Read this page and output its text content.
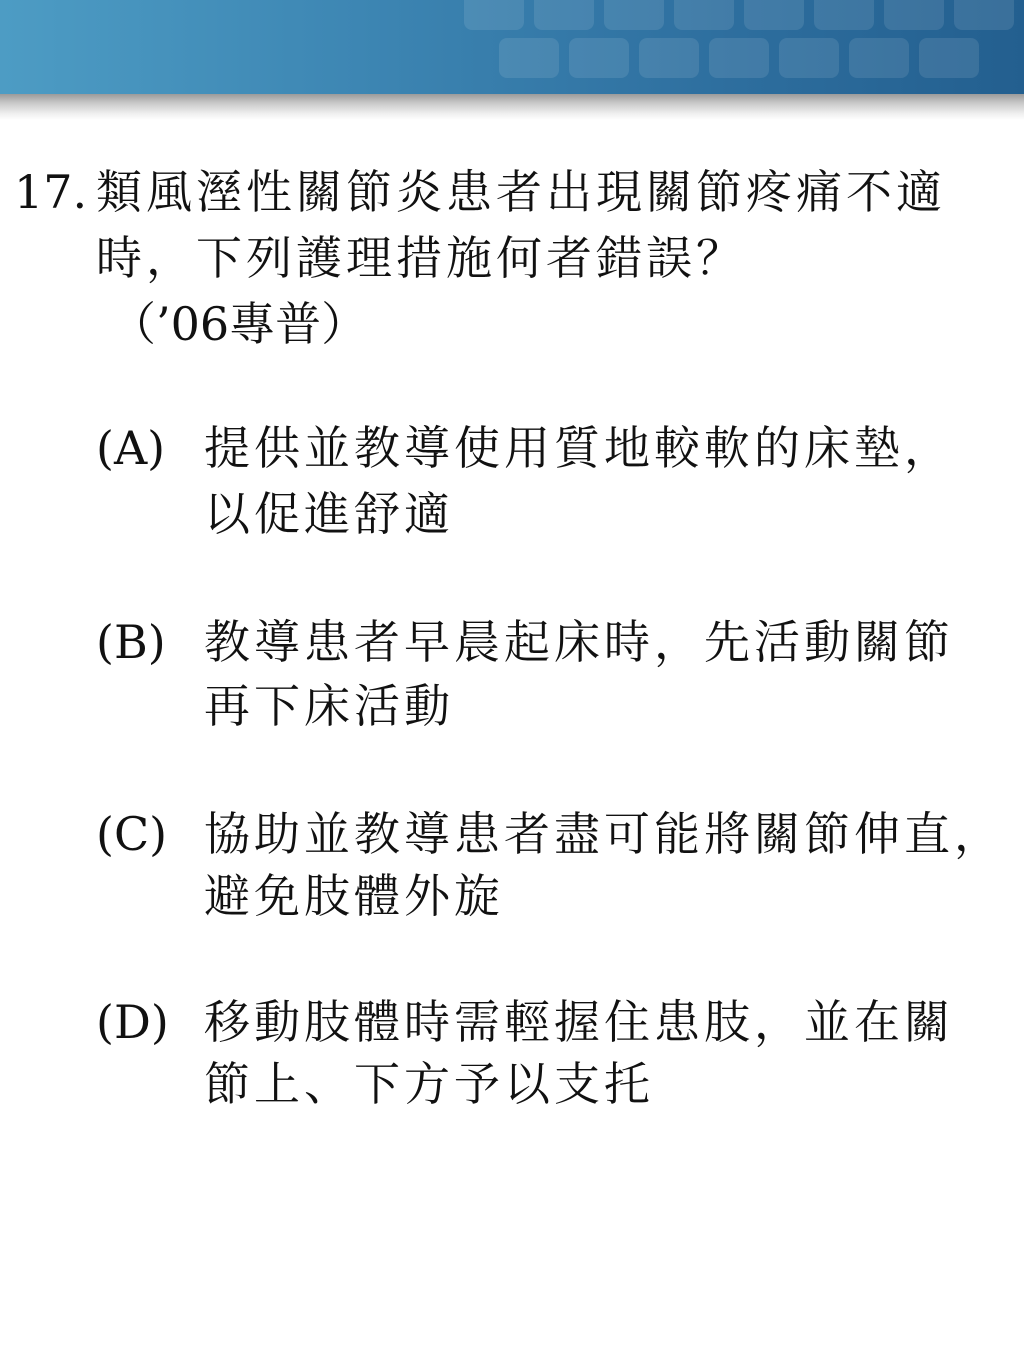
17. 類風溼性關節炎患者出現關節疼痛不適

時，下列護理措施何者錯誤？

（’06專普）

(A) 提供並教導使用質地較軟的床墊，

以促進舒適

(B) 教導患者早晨起床時，先活動關節

再下床活動

(C) 協助並教導患者盡可能將關節伸直，

避免肢體外旋

(D) 移動肢體時需輕握住患肢，並在關

節上、下方予以支托
